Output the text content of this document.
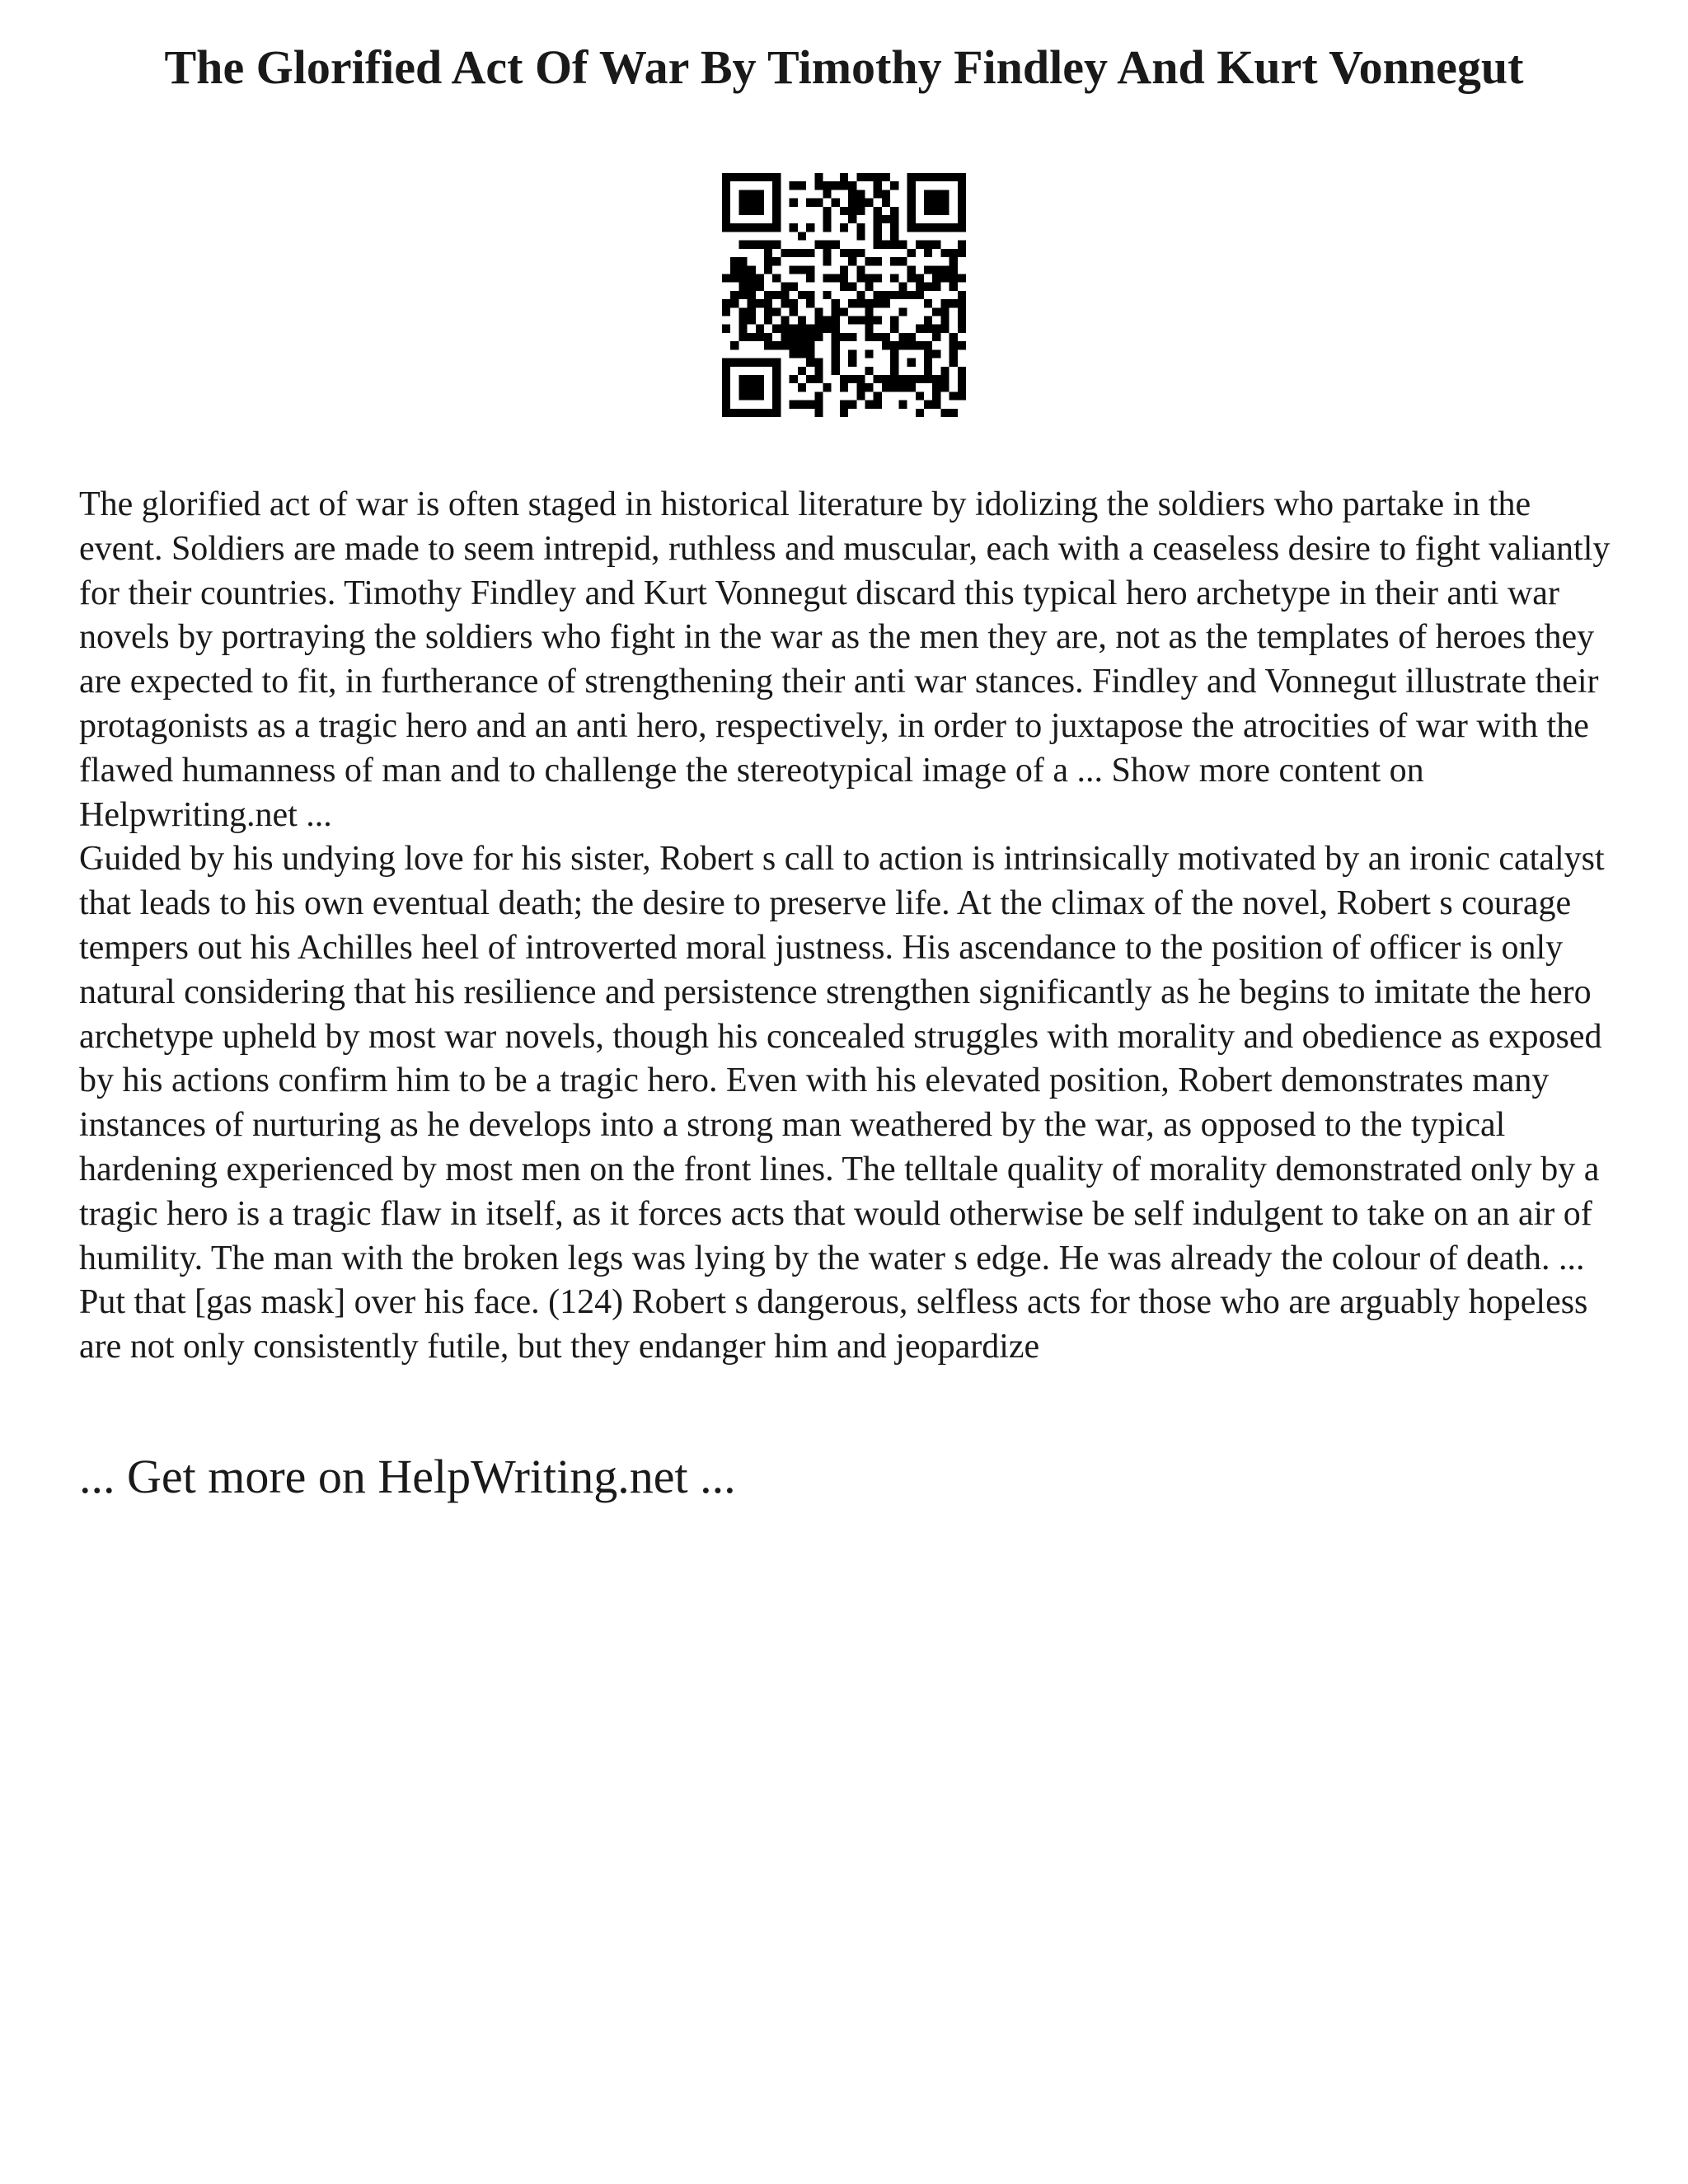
The Glorified Act Of War By Timothy Findley And Kurt Vonnegut

The glorified act of war is often staged in historical literature by idolizing the soldiers who partake in the event. Soldiers are made to seem intrepid, ruthless and muscular, each with a ceaseless desire to fight valiantly for their countries. Timothy Findley and Kurt Vonnegut discard this typical hero archetype in their anti war novels by portraying the soldiers who fight in the war as the men they are, not as the templates of heroes they are expected to fit, in furtherance of strengthening their anti war stances. Findley and Vonnegut illustrate their protagonists as a tragic hero and an anti hero, respectively, in order to juxtapose the atrocities of war with the flawed humanness of man and to challenge the stereotypical image of a ... Show more content on Helpwriting.net ...

Guided by his undying love for his sister, Robert s call to action is intrinsically motivated by an ironic catalyst that leads to his own eventual death; the desire to preserve life. At the climax of the novel, Robert s courage tempers out his Achilles heel of introverted moral justness. His ascendance to the position of officer is only natural considering that his resilience and persistence strengthen significantly as he begins to imitate the hero archetype upheld by most war novels, though his concealed struggles with morality and obedience as exposed by his actions confirm him to be a tragic hero. Even with his elevated position, Robert demonstrates many instances of nurturing as he develops into a strong man weathered by the war, as opposed to the typical hardening experienced by most men on the front lines. The telltale quality of morality demonstrated only by a tragic hero is a tragic flaw in itself, as it forces acts that would otherwise be self indulgent to take on an air of humility. The man with the broken legs was lying by the water s edge. He was already the colour of death. ... Put that [gas mask] over his face. (124) Robert s dangerous, selfless acts for those who are arguably hopeless are not only consistently futile, but they endanger him and jeopardize

... Get more on HelpWriting.net ...
